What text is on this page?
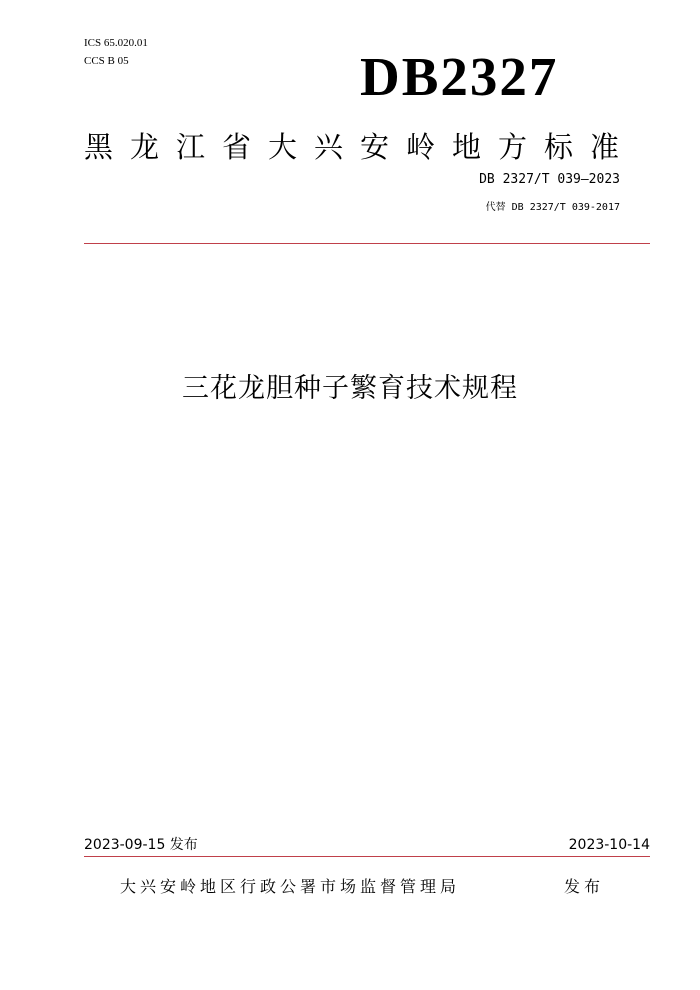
ICS 65.020.01
CCS B 05	DB2327
黑龙江省大兴安岭地方标准
DB 2327/T 039—2023
代替 DB 2327/T 039-2017
三花龙胆种子繁育技术规程
2023-09-15 发布	2023-10-14
大兴安岭地区行政公署市场监督管理局	发布
